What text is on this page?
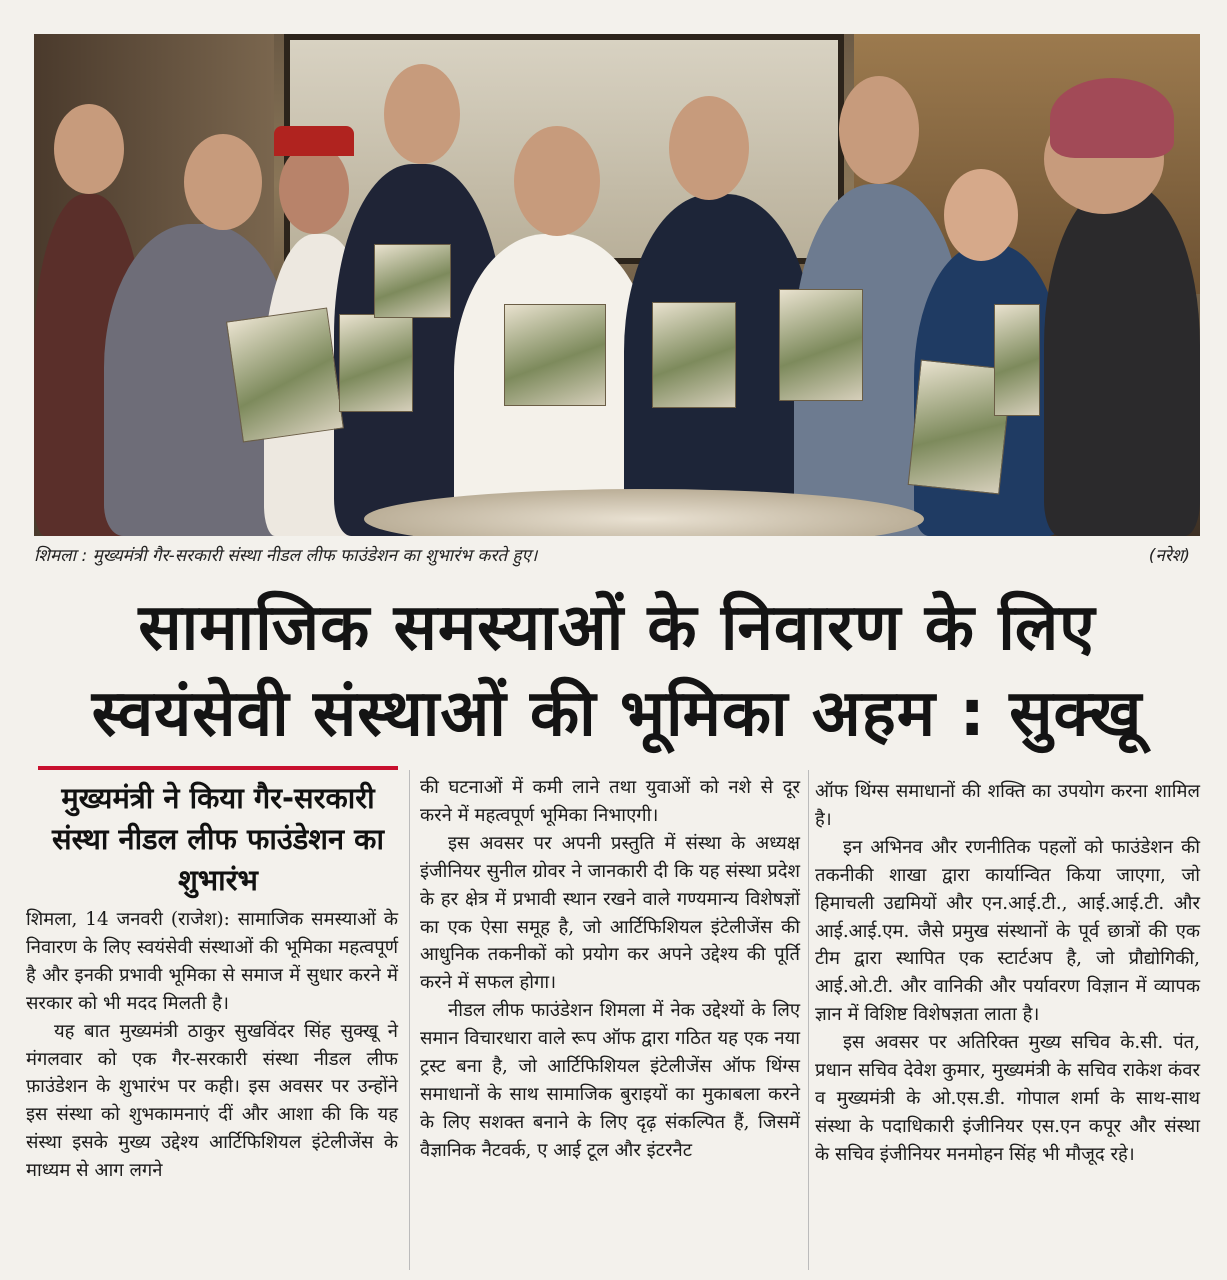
शिमला : मुख्यमंत्री गैर-सरकारी संस्था नीडल लीफ फाउंडेशन का शुभारंभ करते हुए।	(नरेश)
सामाजिक समस्याओं के निवारण के लिए
स्वयंसेवी संस्थाओं की भूमिका अहम : सुक्खू
मुख्यमंत्री ने किया गैर-सरकारी संस्था नीडल लीफ फाउंडेशन का शुभारंभ

शिमला, 14 जनवरी (राजेश): सामाजिक समस्याओं के निवारण के लिए स्वयंसेवी संस्थाओं की भूमिका महत्वपूर्ण है और इनकी प्रभावी भूमिका से समाज में सुधार करने में सरकार को भी मदद मिलती है।

यह बात मुख्यमंत्री ठाकुर सुखविंदर सिंह सुक्खू ने मंगलवार को एक गैर-सरकारी संस्था नीडल लीफ फ़ाउंडेशन के शुभारंभ पर कही। इस अवसर पर उन्होंने इस संस्था को शुभकामनाएं दीं और आशा की कि यह संस्था इसके मुख्य उद्देश्य आर्टिफिशियल इंटेलीजेंस के माध्यम से आग लगने

की घटनाओं में कमी लाने तथा युवाओं को नशे से दूर करने में महत्वपूर्ण भूमिका निभाएगी।

इस अवसर पर अपनी प्रस्तुति में संस्था के अध्यक्ष इंजीनियर सुनील ग्रोवर ने जानकारी दी कि यह संस्था प्रदेश के हर क्षेत्र में प्रभावी स्थान रखने वाले गण्यमान्य विशेषज्ञों का एक ऐसा समूह है, जो आर्टिफिशियल इंटेलीजेंस की आधुनिक तकनीकों को प्रयोग कर अपने उद्देश्य की पूर्ति करने में सफल होगा।

नीडल लीफ फाउंडेशन शिमला में नेक उद्देश्यों के लिए समान विचारधारा वाले रूप ऑफ द्वारा गठित यह एक नया ट्रस्ट बना है, जो आर्टिफिशियल इंटेलीजेंस ऑफ थिंग्स समाधानों के साथ सामाजिक बुराइयों का मुकाबला करने के लिए सशक्त बनाने के लिए दृढ़ संकल्पित हैं, जिसमें वैज्ञानिक नैटवर्क, ए आई टूल और इंटरनैट

ऑफ थिंग्स समाधानों की शक्ति का उपयोग करना शामिल है।

इन अभिनव और रणनीतिक पहलों को फाउंडेशन की तकनीकी शाखा द्वारा कार्यान्वित किया जाएगा, जो हिमाचली उद्यमियों और एन.आई.टी., आई.आई.टी. और आई.आई.एम. जैसे प्रमुख संस्थानों के पूर्व छात्रों की एक टीम द्वारा स्थापित एक स्टार्टअप है, जो प्रौद्योगिकी, आई.ओ.टी. और वानिकी और पर्यावरण विज्ञान में व्यापक ज्ञान में विशिष्ट विशेषज्ञता लाता है।

इस अवसर पर अतिरिक्त मुख्य सचिव के.सी. पंत, प्रधान सचिव देवेश कुमार, मुख्यमंत्री के सचिव राकेश कंवर व मुख्यमंत्री के ओ.एस.डी. गोपाल शर्मा के साथ-साथ संस्था के पदाधिकारी इंजीनियर एस.एन कपूर और संस्था के सचिव इंजीनियर मनमोहन सिंह भी मौजूद रहे।
